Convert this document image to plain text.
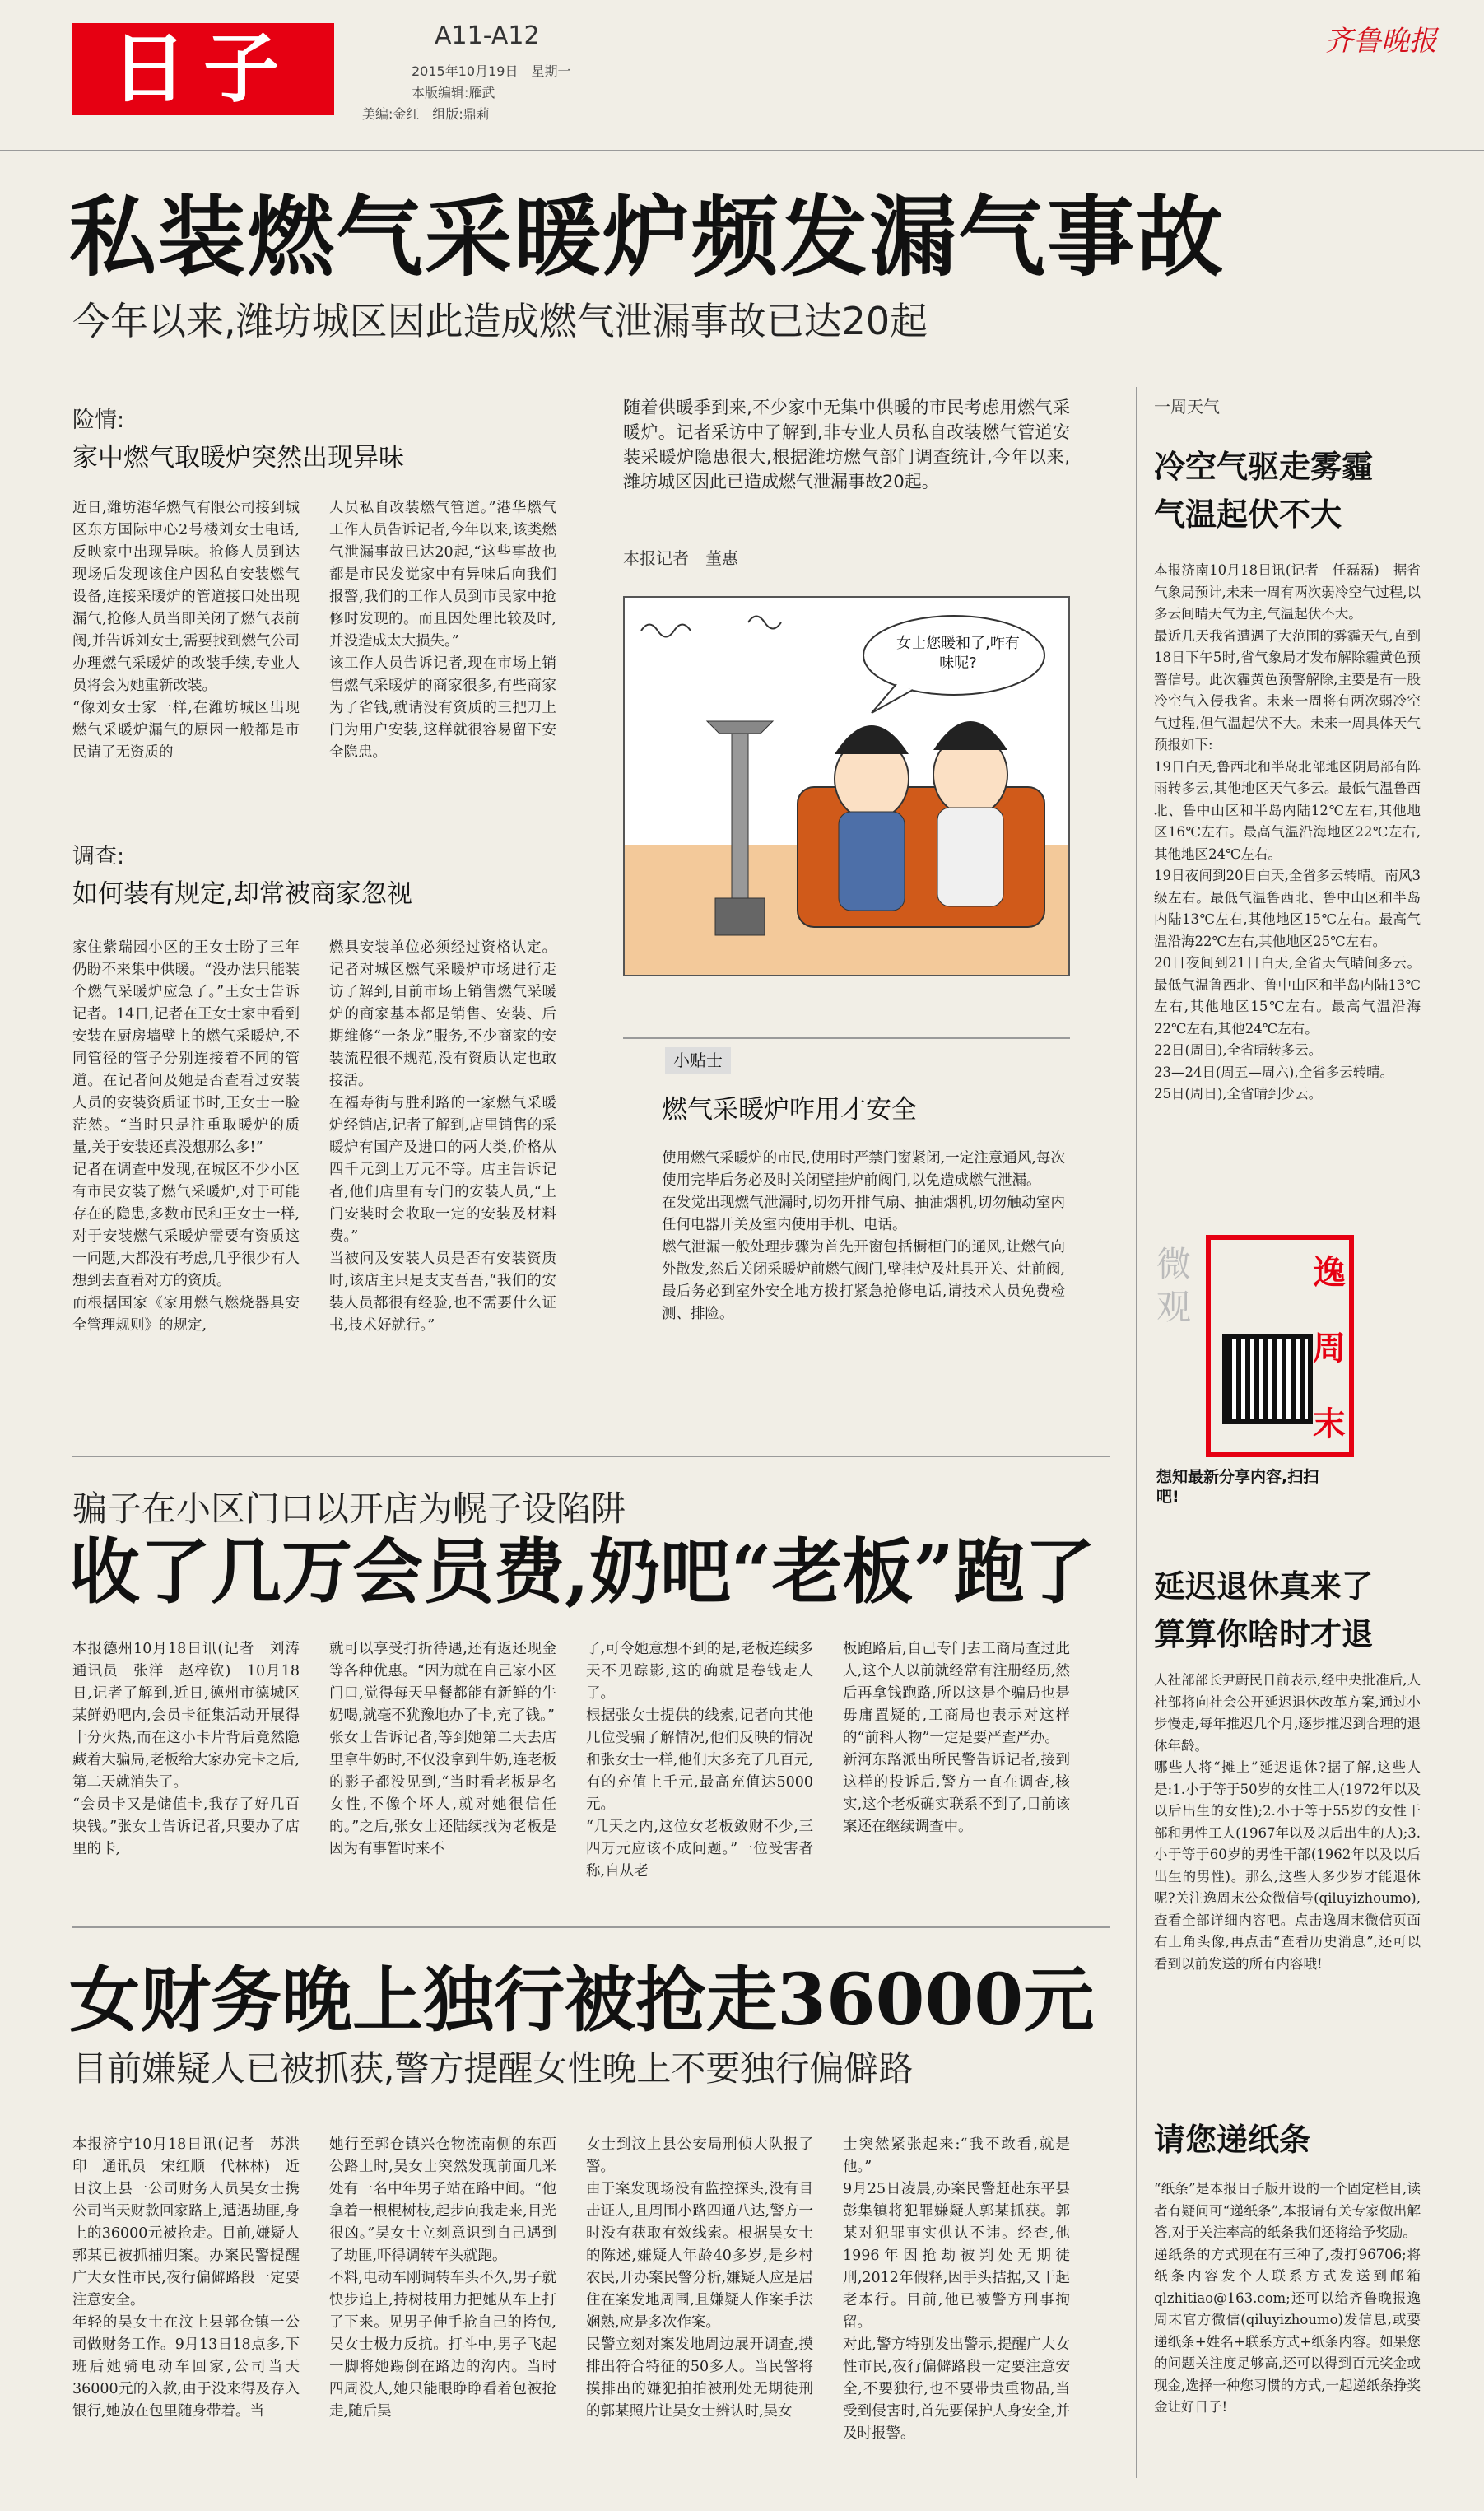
日子	A11-A12
2015年10月19日　星期一
本版编辑:雁武
美编:金红　组版:鼎莉
齐鲁晚报
私装燃气采暖炉频发漏气事故
今年以来,潍坊城区因此造成燃气泄漏事故已达20起
险情:
家中燃气取暖炉突然出现异味
近日,潍坊港华燃气有限公司接到城区东方国际中心2号楼刘女士电话,反映家中出现异味。抢修人员到达现场后发现该住户因私自安装燃气设备,连接采暖炉的管道接口处出现漏气,抢修人员当即关闭了燃气表前阀,并告诉刘女士,需要找到燃气公司办理燃气采暖炉的改装手续,专业人员将会为她重新改装。
“像刘女士家一样,在潍坊城区出现燃气采暖炉漏气的原因一般都是市民请了无资质的
人员私自改装燃气管道。”港华燃气工作人员告诉记者,今年以来,该类燃气泄漏事故已达20起,“这些事故也都是市民发觉家中有异味后向我们报警,我们的工作人员到市民家中抢修时发现的。而且因处理比较及时,并没造成太大损失。”
该工作人员告诉记者,现在市场上销售燃气采暖炉的商家很多,有些商家为了省钱,就请没有资质的三把刀上门为用户安装,这样就很容易留下安全隐患。
调查:
如何装有规定,却常被商家忽视
家住紫瑞园小区的王女士盼了三年仍盼不来集中供暖。“没办法只能装个燃气采暖炉应急了。”王女士告诉记者。14日,记者在王女士家中看到安装在厨房墙壁上的燃气采暖炉,不同管径的管子分别连接着不同的管道。在记者问及她是否查看过安装人员的安装资质证书时,王女士一脸茫然。“当时只是注重取暖炉的质量,关于安装还真没想那么多!”
记者在调查中发现,在城区不少小区有市民安装了燃气采暖炉,对于可能存在的隐患,多数市民和王女士一样,对于安装燃气采暖炉需要有资质这一问题,大都没有考虑,几乎很少有人想到去查看对方的资质。
而根据国家《家用燃气燃烧器具安全管理规则》的规定,
燃具安装单位必须经过资格认定。记者对城区燃气采暖炉市场进行走访了解到,目前市场上销售燃气采暖炉的商家基本都是销售、安装、后期维修“一条龙”服务,不少商家的安装流程很不规范,没有资质认定也敢接活。
在福寿街与胜利路的一家燃气采暖炉经销店,记者了解到,店里销售的采暖炉有国产及进口的两大类,价格从四千元到上万元不等。店主告诉记者,他们店里有专门的安装人员,“上门安装时会收取一定的安装及材料费。”
当被问及安装人员是否有安装资质时,该店主只是支支吾吾,“我们的安装人员都很有经验,也不需要什么证书,技术好就行。”
随着供暖季到来,不少家中无集中供暖的市民考虑用燃气采暖炉。记者采访中了解到,非专业人员私自改装燃气管道安装采暖炉隐患很大,根据潍坊燃气部门调查统计,今年以来,潍坊城区因此已造成燃气泄漏事故20起。
本报记者　董惠
女士您暖和了,咋有味呢?
小贴士
燃气采暖炉咋用才安全
使用燃气采暖炉的市民,使用时严禁门窗紧闭,一定注意通风,每次使用完毕后务必及时关闭壁挂炉前阀门,以免造成燃气泄漏。
在发觉出现燃气泄漏时,切勿开排气扇、抽油烟机,切勿触动室内任何电器开关及室内使用手机、电话。
燃气泄漏一般处理步骤为首先开窗包括橱柜门的通风,让燃气向外散发,然后关闭采暖炉前燃气阀门,壁挂炉及灶具开关、灶前阀,最后务必到室外安全地方拨打紧急抢修电话,请技术人员免费检测、排险。
一周天气
冷空气驱走雾霾　气温起伏不大
本报济南10月18日讯(记者　任磊磊)　据省气象局预计,未来一周有两次弱冷空气过程,以多云间晴天气为主,气温起伏不大。
最近几天我省遭遇了大范围的雾霾天气,直到18日下午5时,省气象局才发布解除霾黄色预警信号。此次霾黄色预警解除,主要是有一股冷空气入侵我省。未来一周将有两次弱冷空气过程,但气温起伏不大。未来一周具体天气预报如下:
19日白天,鲁西北和半岛北部地区阴局部有阵雨转多云,其他地区天气多云。最低气温鲁西北、鲁中山区和半岛内陆12℃左右,其他地区16℃左右。最高气温沿海地区22℃左右,其他地区24℃左右。
19日夜间到20日白天,全省多云转晴。南风3级左右。最低气温鲁西北、鲁中山区和半岛内陆13℃左右,其他地区15℃左右。最高气温沿海22℃左右,其他地区25℃左右。
20日夜间到21日白天,全省天气晴间多云。最低气温鲁西北、鲁中山区和半岛内陆13℃左右,其他地区15℃左右。最高气温沿海22℃左右,其他24℃左右。
22日(周日),全省晴转多云。
23—24日(周五—周六),全省多云转晴。
25日(周日),全省晴到少云。
微观
逸周末
想知最新分享内容,扫扫吧!
延迟退休真来了　算算你啥时才退
人社部部长尹蔚民日前表示,经中央批准后,人社部将向社会公开延迟退休改革方案,通过小步慢走,每年推迟几个月,逐步推迟到合理的退休年龄。
哪些人将“摊上”延迟退休?据了解,这些人是:1.小于等于50岁的女性工人(1972年以及以后出生的女性);2.小于等于55岁的女性干部和男性工人(1967年以及以后出生的人);3.小于等于60岁的男性干部(1962年以及以后出生的男性)。那么,这些人多少岁才能退休呢?关注逸周末公众微信号(qiluyizhoumo),查看全部详细内容吧。点击逸周末微信页面右上角头像,再点击“查看历史消息”,还可以看到以前发送的所有内容哦!
请您递纸条
“纸条”是本报日子版开设的一个固定栏目,读者有疑问可“递纸条”,本报请有关专家做出解答,对于关注率高的纸条我们还将给予奖励。
递纸条的方式现在有三种了,拨打96706;将纸条内容发个人联系方式发送到邮箱qlzhitiao@163.com;还可以给齐鲁晚报逸周末官方微信(qiluyizhoumo)发信息,或要递纸条+姓名+联系方式+纸条内容。如果您的问题关注度足够高,还可以得到百元奖金或现金,选择一种您习惯的方式,一起递纸条挣奖金让好日子!
骗子在小区门口以开店为幌子设陷阱
收了几万会员费,奶吧“老板”跑了
本报德州10月18日讯(记者　刘涛　通讯员　张洋　赵梓钦)　10月18日,记者了解到,近日,德州市德城区某鲜奶吧内,会员卡征集活动开展得十分火热,而在这小卡片背后竟然隐藏着大骗局,老板给大家办完卡之后,第二天就消失了。
“会员卡又是储值卡,我存了好几百块钱。”张女士告诉记者,只要办了店里的卡,
就可以享受打折待遇,还有返还现金等各种优惠。“因为就在自己家小区门口,觉得每天早餐都能有新鲜的牛奶喝,就毫不犹豫地办了卡,充了钱。”
张女士告诉记者,等到她第二天去店里拿牛奶时,不仅没拿到牛奶,连老板的影子都没见到,“当时看老板是名女性,不像个坏人,就对她很信任的。”之后,张女士还陆续找为老板是因为有事暂时来不
了,可令她意想不到的是,老板连续多天不见踪影,这的确就是卷钱走人了。
根据张女士提供的线索,记者向其他几位受骗了解情况,他们反映的情况和张女士一样,他们大多充了几百元,有的充值上千元,最高充值达5000元。
“几天之内,这位女老板敛财不少,三四万元应该不成问题。”一位受害者称,自从老
板跑路后,自己专门去工商局查过此人,这个人以前就经常有注册经历,然后再拿钱跑路,所以这是个骗局也是毋庸置疑的,工商局也表示对这样的“前科人物”一定是要严查严办。
新河东路派出所民警告诉记者,接到这样的投诉后,警方一直在调查,核实,这个老板确实联系不到了,目前该案还在继续调查中。
女财务晚上独行被抢走36000元
目前嫌疑人已被抓获,警方提醒女性晚上不要独行偏僻路
本报济宁10月18日讯(记者　苏洪印　通讯员　宋红顺　代林林)　近日汶上县一公司财务人员吴女士携公司当天财款回家路上,遭遇劫匪,身上的36000元被抢走。目前,嫌疑人郭某已被抓捕归案。办案民警提醒广大女性市民,夜行偏僻路段一定要注意安全。
年轻的吴女士在汶上县郭仓镇一公司做财务工作。9月13日18点多,下班后她骑电动车回家,公司当天36000元的入款,由于没来得及存入银行,她放在包里随身带着。当
她行至郭仓镇兴仓物流南侧的东西公路上时,吴女士突然发现前面几米处有一名中年男子站在路中间。“他拿着一根棍树枝,起步向我走来,目光很凶。”吴女士立刻意识到自己遇到了劫匪,吓得调转车头就跑。
不料,电动车刚调转车头不久,男子就快步追上,持树枝用力把她从车上打了下来。见男子伸手抢自己的挎包,吴女士极力反抗。打斗中,男子飞起一脚将她踢倒在路边的沟内。当时四周没人,她只能眼睁睁看着包被抢走,随后吴
女士到汶上县公安局刑侦大队报了警。
由于案发现场没有监控探头,没有目击证人,且周围小路四通八达,警方一时没有获取有效线索。根据吴女士的陈述,嫌疑人年龄40多岁,是乡村农民,开办案民警分析,嫌疑人应是居住在案发地周围,且嫌疑人作案手法娴熟,应是多次作案。
民警立刻对案发地周边展开调查,摸排出符合特征的50多人。当民警将摸排出的嫌犯拍拍被刑处无期徒刑的郭某照片让吴女士辨认时,吴女
士突然紧张起来:“我不敢看,就是他。”
9月25日凌晨,办案民警赶赴东平县彭集镇将犯罪嫌疑人郭某抓获。郭某对犯罪事实供认不讳。经查,他1996年因抢劫被判处无期徒刑,2012年假释,因手头拮据,又干起老本行。目前,他已被警方刑事拘留。
对此,警方特别发出警示,提醒广大女性市民,夜行偏僻路段一定要注意安全,不要独行,也不要带贵重物品,当受到侵害时,首先要保护人身安全,并及时报警。
